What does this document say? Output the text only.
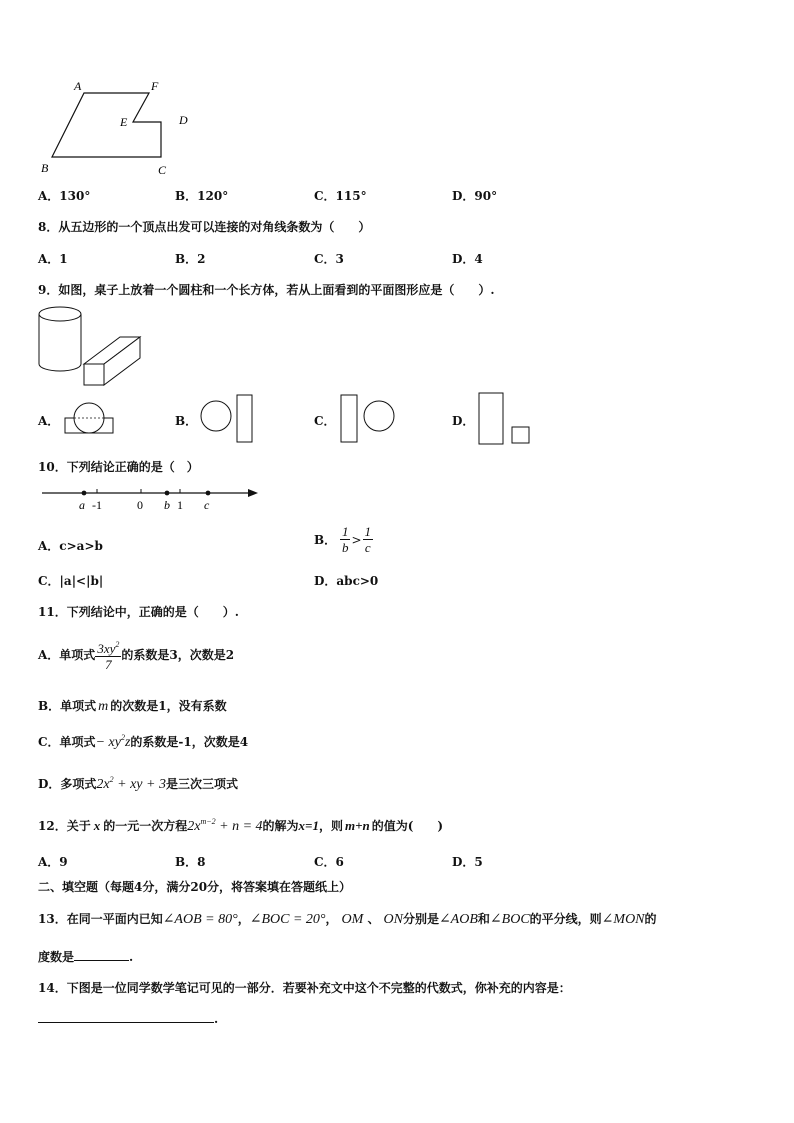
A	F
E	D
B	C
A．130°	B．120°	C．115°	D．90°
8．从五边形的一个顶点出发可以连接的对角线条数为（　　）
A．1	B．2	C．3	D．4
9．如图，桌子上放着一个圆柱和一个长方体，若从上面看到的平面图形应是（　　）.
A．	B．	C．	D．
10．下列结论正确的是（　）
a -1	0 b 1 c
A．c>a>b	B． $\frac{1}{b} > \frac{1}{c}$
C．|a|<|b|	D．abc>0
11．下列结论中，正确的是（　　）.
A．单项式 $\frac{3xy^2}{7}$ 的系数是3，次数是2
B．单项式 m 的次数是1，没有系数
C．单项式− $xy^2z$的系数是-1，次数是4
D．多项式$2x^2$ + xy + 3是三次三项式
12．关于 x 的一元一次方程$2x^{m-2} + n = 4$的解为x=1，则 m+n 的值为(　　)
A．9	B．8	C．6	D．5
二、填空题（每题4分，满分20分，将答案填在答题纸上）
13．在同一平面内已知∠AOB = 80°，∠BOC = 20°， OM 、 ON分别是∠AOB和∠BOC的平分线，则∠MON的
度数是	.
14．下图是一位同学数学笔记可见的一部分．若要补充文中这个不完整的代数式，你补充的内容是：
.
